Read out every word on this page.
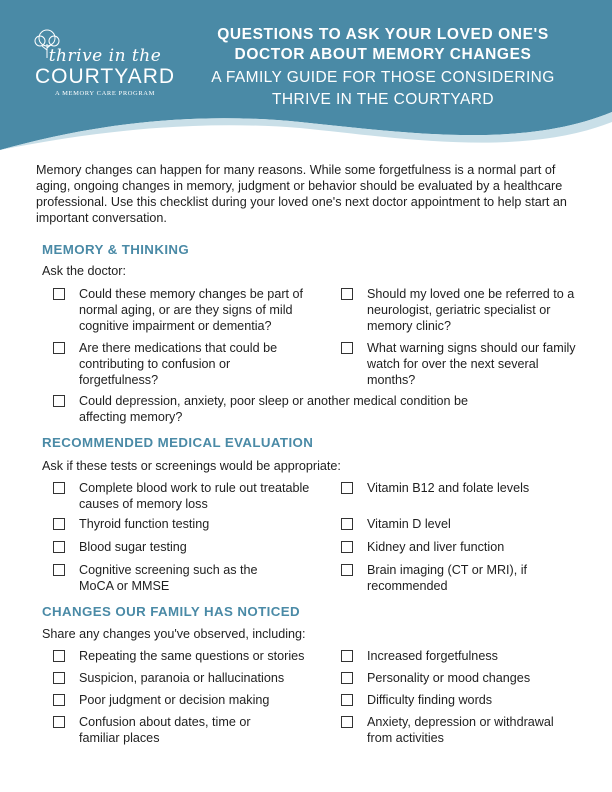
thrive in the
COURTYARD
A MEMORY CARE PROGRAM
QUESTIONS TO ASK YOUR LOVED ONE'S
DOCTOR ABOUT MEMORY CHANGES
A FAMILY GUIDE FOR THOSE CONSIDERING
THRIVE IN THE COURTYARD
Memory changes can happen for many reasons. While some forgetfulness is a normal part of aging, ongoing changes in memory, judgment or behavior should be evaluated by a healthcare professional. Use this checklist during your loved one's next doctor appointment to help start an important conversation.
MEMORY & THINKING
Ask the doctor:
Could these memory changes be part of normal aging, or are they signs of mild cognitive impairment or dementia?
Should my loved one be referred to a neurologist, geriatric specialist or memory clinic?
Are there medications that could be contributing to confusion or forgetfulness?
What warning signs should our family watch for over the next several months?
Could depression, anxiety, poor sleep or another medical condition be affecting memory?
RECOMMENDED MEDICAL EVALUATION
Ask if these tests or screenings would be appropriate:
Complete blood work to rule out treatable causes of memory loss
Vitamin B12 and folate levels
Thyroid function testing	Vitamin D level
Blood sugar testing	Kidney and liver function
Cognitive screening such as the MoCA or MMSE
Brain imaging (CT or MRI), if recommended
CHANGES OUR FAMILY HAS NOTICED
Share any changes you've observed, including:
Repeating the same questions or stories	Increased forgetfulness
Suspicion, paranoia or hallucinations	Personality or mood changes
Poor judgment or decision making	Difficulty finding words
Confusion about dates, time or familiar places
Anxiety, depression or withdrawal from activities
